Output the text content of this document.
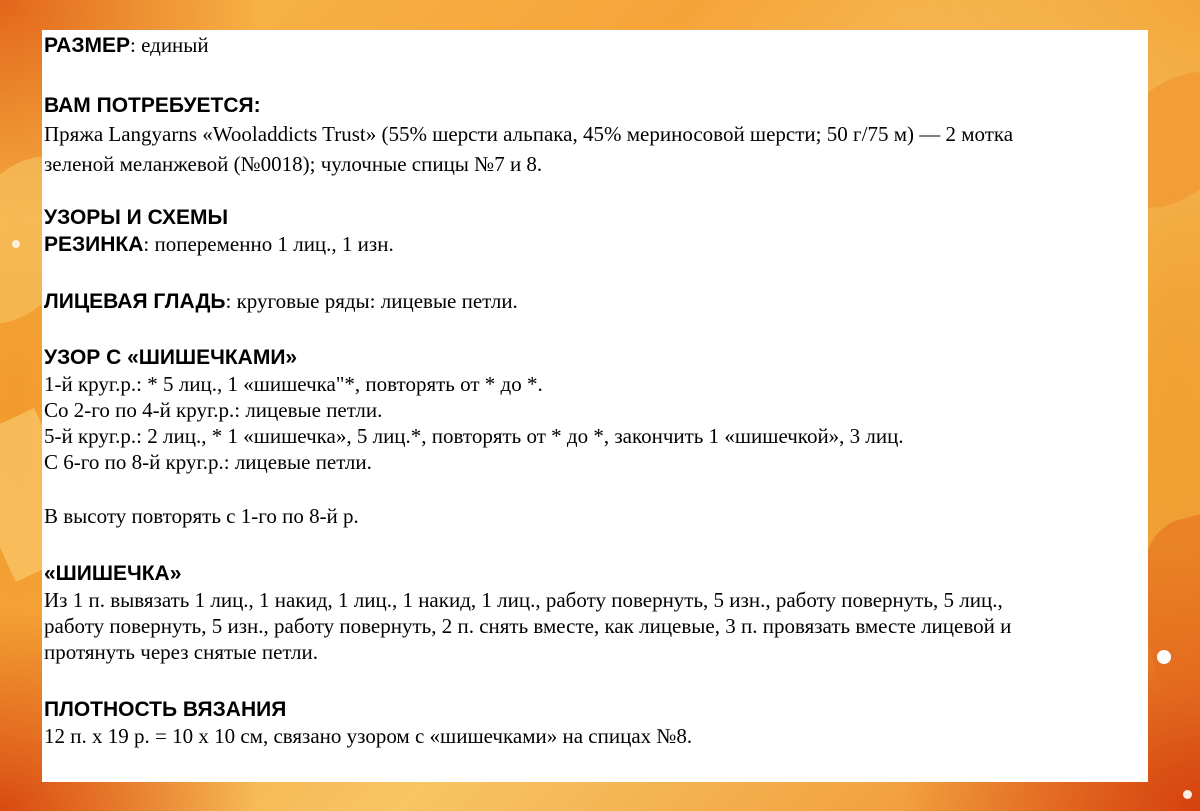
РАЗМЕР: единый

ВАМ ПОТРЕБУЕТСЯ:
Пряжа Langyarns «Wooladdicts Trust» (55% шерсти альпака, 45% мериносовой шерсти; 50 г/75 м) — 2 мотка
зеленой меланжевой (№0018); чулочные спицы №7 и 8.
УЗОРЫ И СХЕМЫ
РЕЗИНКА: попеременно 1 лиц., 1 изн.
ЛИЦЕВАЯ ГЛАДЬ: круговые ряды: лицевые петли.
УЗОР С «ШИШЕЧКАМИ»
1-й круг.р.: * 5 лиц., 1 «шишечка"*, повторять от * до *.
Со 2-го по 4-й круг.р.: лицевые петли.
5-й круг.р.: 2 лиц., * 1 «шишечка», 5 лиц.*, повторять от * до *, закончить 1 «шишечкой», 3 лиц.
С 6-го по 8-й круг.р.: лицевые петли.
В высоту повторять с 1-го по 8-й р.
«ШИШЕЧКА»
Из 1 п. вывязать 1 лиц., 1 накид, 1 лиц., 1 накид, 1 лиц., работу повернуть, 5 изн., работу повернуть, 5 лиц.,
работу повернуть, 5 изн., работу повернуть, 2 п. снять вместе, как лицевые, 3 п. провязать вместе лицевой и
протянуть через снятые петли.
ПЛОТНОСТЬ ВЯЗАНИЯ
12 п. х 19 р. = 10 х 10 см, связано узором с «шишечками» на спицах №8.
